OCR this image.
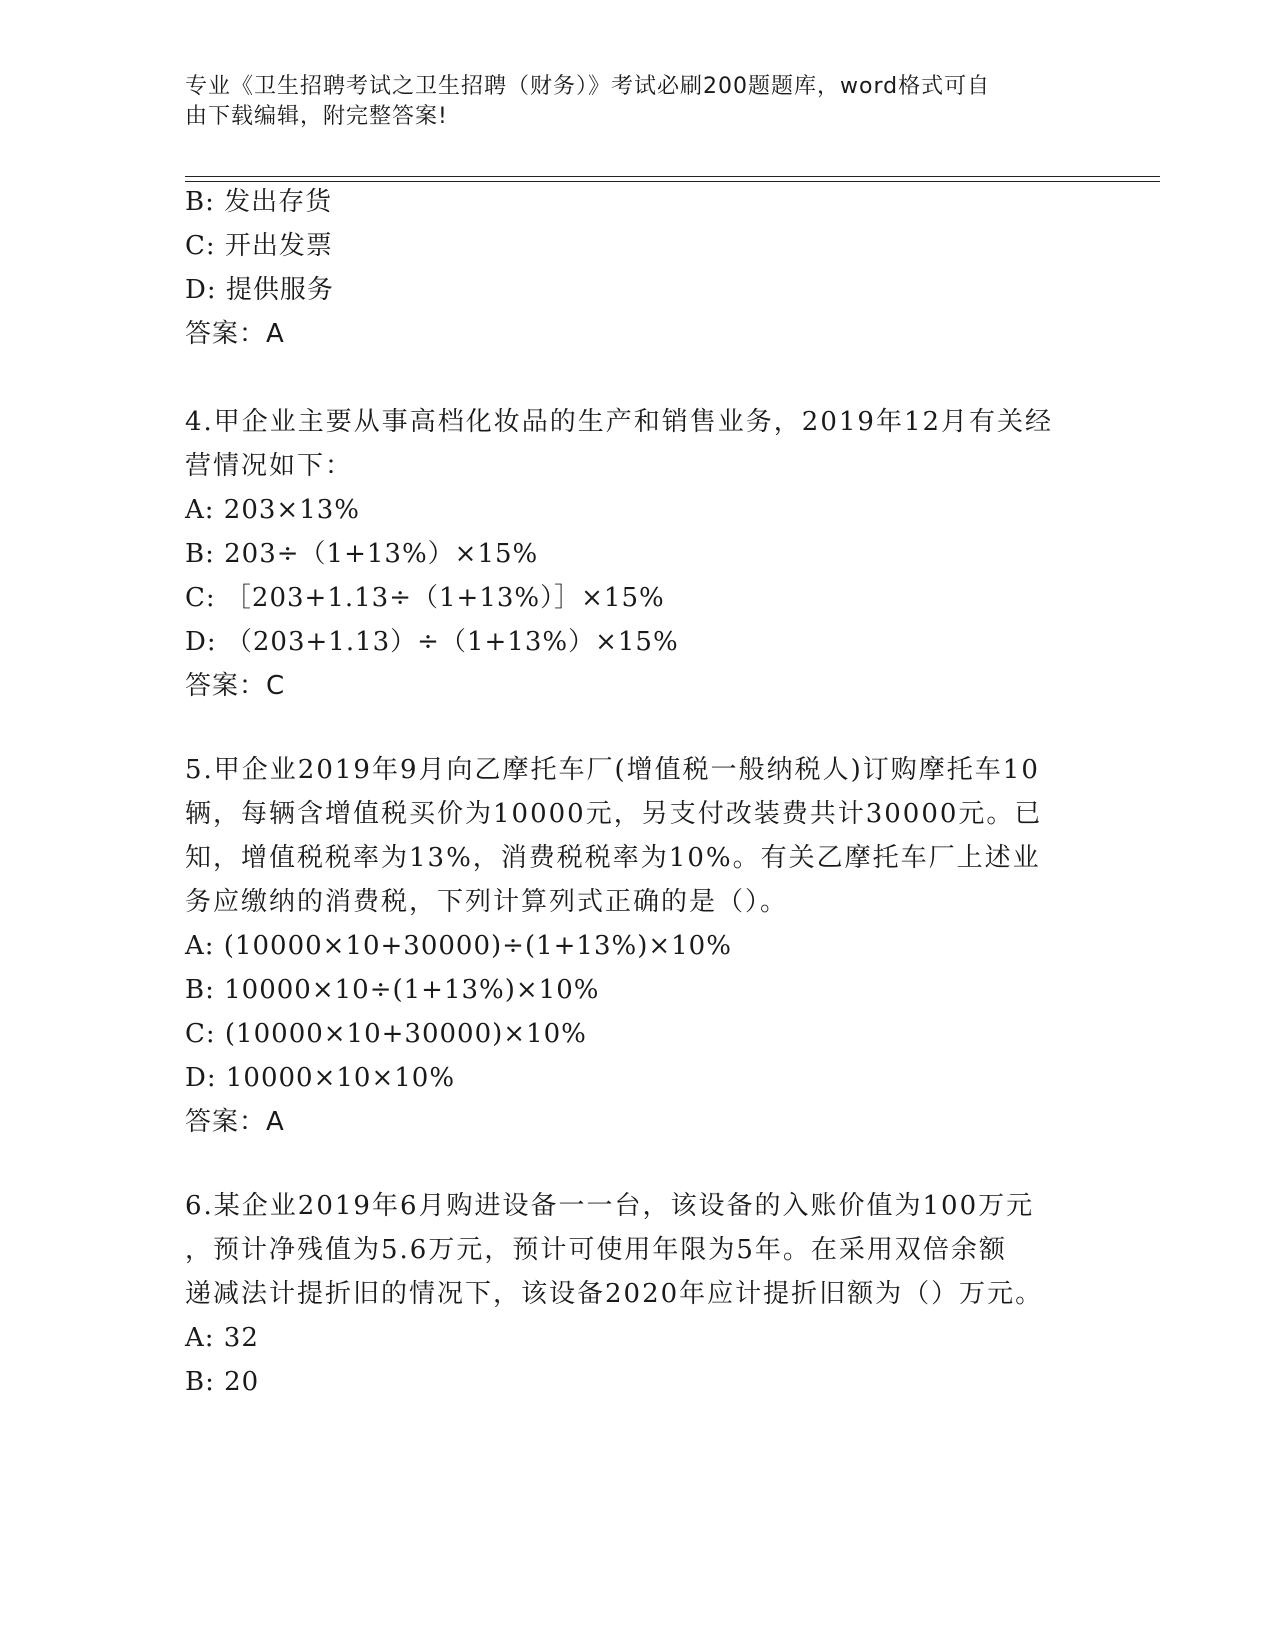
专业《卫生招聘考试之卫生招聘（财务）》考试必刷200题题库，word格式可自

由下载编辑，附完整答案!

B: 发出存货
C: 开出发票
D: 提供服务
答案：A
4.甲企业主要从事高档化妆品的生产和销售业务，2019年12月有关经
营情况如下：
A: 203×13%
B: 203÷（1+13%）×15%
C: ［203+1.13÷（1+13%）］×15%
D: （203+1.13）÷（1+13%）×15%
答案：C
5.甲企业2019年9月向乙摩托车厂(增值税一般纳税人)订购摩托车10
辆，每辆含增值税买价为10000元，另支付改装费共计30000元。已
知，增值税税率为13%，消费税税率为10%。有关乙摩托车厂上述业
务应缴纳的消费税，下列计算列式正确的是（）。
A: (10000×10+30000)÷(1+13%)×10%
B: 10000×10÷(1+13%)×10%
C: (10000×10+30000)×10%
D: 10000×10×10%
答案：A
6.某企业2019年6月购进设备一一台，该设备的入账价值为100万元
，预计净残值为5.6万元，预计可使用年限为5年。在采用双倍余额
递减法计提折旧的情况下，该设备2020年应计提折旧额为（）万元。
A: 32
B: 20
